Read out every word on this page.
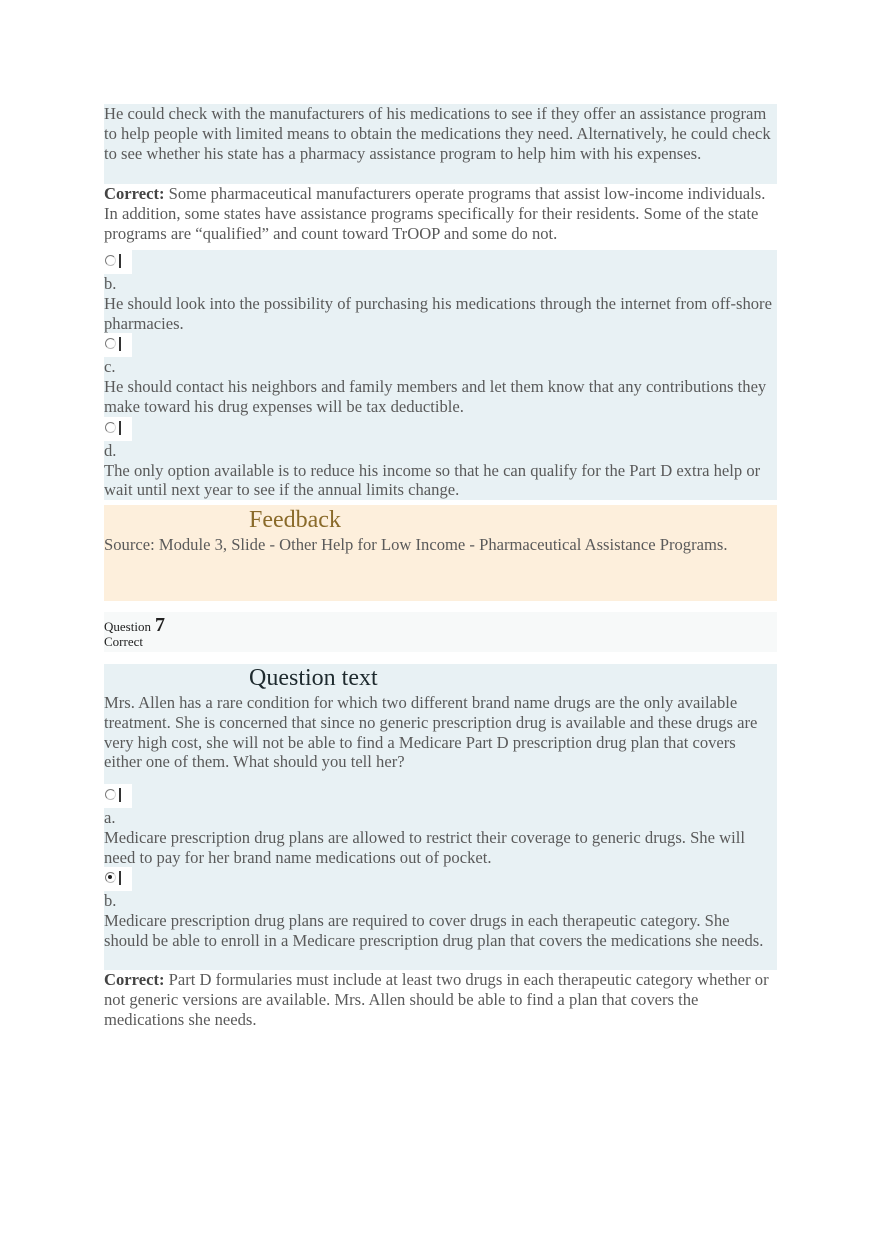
He could check with the manufacturers of his medications to see if they offer an assistance program to help people with limited means to obtain the medications they need. Alternatively, he could check to see whether his state has a pharmacy assistance program to help him with his expenses.
Correct: Some pharmaceutical manufacturers operate programs that assist low-income individuals. In addition, some states have assistance programs specifically for their residents. Some of the state programs are “qualified” and count toward TrOOP and some do not.
b.
He should look into the possibility of purchasing his medications through the internet from off-shore pharmacies.
c.
He should contact his neighbors and family members and let them know that any contributions they make toward his drug expenses will be tax deductible.
d.
The only option available is to reduce his income so that he can qualify for the Part D extra help or wait until next year to see if the annual limits change.
Feedback
Source: Module 3, Slide - Other Help for Low Income - Pharmaceutical Assistance Programs.
Question 7
Correct
Question text
Mrs. Allen has a rare condition for which two different brand name drugs are the only available treatment. She is concerned that since no generic prescription drug is available and these drugs are very high cost, she will not be able to find a Medicare Part D prescription drug plan that covers either one of them. What should you tell her?
a.
Medicare prescription drug plans are allowed to restrict their coverage to generic drugs. She will need to pay for her brand name medications out of pocket.
b.
Medicare prescription drug plans are required to cover drugs in each therapeutic category. She should be able to enroll in a Medicare prescription drug plan that covers the medications she needs.
Correct: Part D formularies must include at least two drugs in each therapeutic category whether or not generic versions are available. Mrs. Allen should be able to find a plan that covers the medications she needs.
